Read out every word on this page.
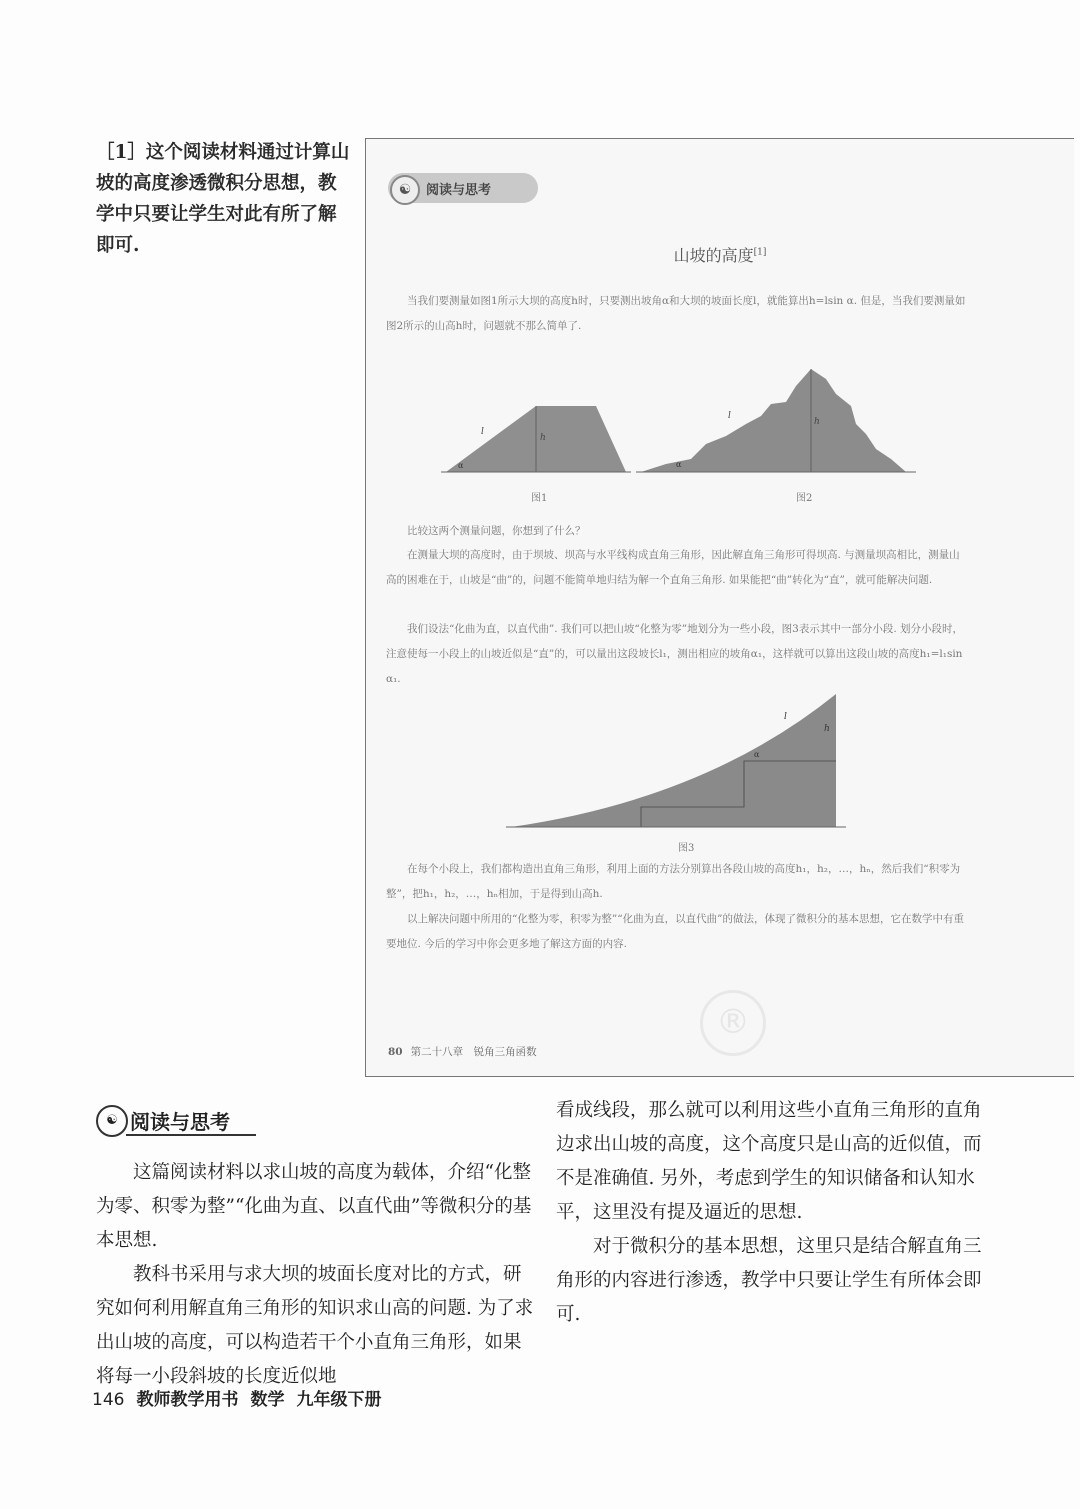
［1］这个阅读材料通过计算山坡的高度渗透微积分思想，教学中只要让学生对此有所了解即可.
☯	阅读与思考
山坡的高度[1]
当我们要测量如图1所示大坝的高度h时，只要测出坡角α和大坝的坡面长度l，就能算出h=lsin α. 但是，当我们要测量如图2所示的山高h时，问题就不那么简单了.
l
h
α
l
h
α
图1	图2
比较这两个测量问题，你想到了什么？
在测量大坝的高度时，由于坝坡、坝高与水平线构成直角三角形，因此解直角三角形可得坝高. 与测量坝高相比，测量山高的困难在于，山坡是“曲”的，问题不能简单地归结为解一个直角三角形. 如果能把“曲”转化为“直”，就可能解决问题.
我们设法“化曲为直，以直代曲”. 我们可以把山坡“化整为零”地划分为一些小段，图3表示其中一部分小段. 划分小段时，注意使每一小段上的山坡近似是“直”的，可以量出这段坡长l₁，测出相应的坡角α₁，这样就可以算出这段山坡的高度h₁=l₁sin α₁.
l
h
α
图3
在每个小段上，我们都构造出直角三角形，利用上面的方法分别算出各段山坡的高度h₁，h₂，…，hₙ，然后我们“积零为整”，把h₁，h₂，…，hₙ相加，于是得到山高h.
以上解决问题中所用的“化整为零，积零为整”“化曲为直，以直代曲”的做法，体现了微积分的基本思想，它在数学中有重要地位. 今后的学习中你会更多地了解这方面的内容.
80 第二十八章　锐角三角函数
®
☯ 阅读与思考

这篇阅读材料以求山坡的高度为载体，介绍“化整为零、积零为整”“化曲为直、以直代曲”等微积分的基本思想.

教科书采用与求大坝的坡面长度对比的方式，研究如何利用解直角三角形的知识求山高的问题. 为了求出山坡的高度，可以构造若干个小直角三角形，如果将每一小段斜坡的长度近似地

看成线段，那么就可以利用这些小直角三角形的直角边求出山坡的高度，这个高度只是山高的近似值，而不是准确值. 另外，考虑到学生的知识储备和认知水平，这里没有提及逼近的思想.

对于微积分的基本思想，这里只是结合解直角三角形的内容进行渗透，教学中只要让学生有所体会即可.

146 教师教学用书 数学 九年级下册
